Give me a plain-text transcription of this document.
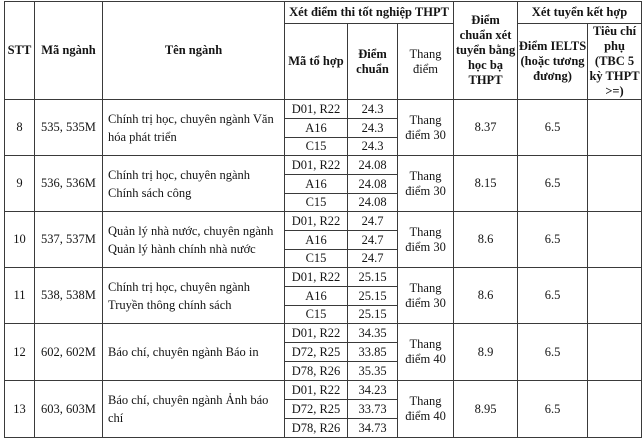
STT	Mã ngành	Tên ngành	Xét điểm thi tốt nghiệp THPT			Điểm chuẩn xét tuyển bằng học bạ THPT	Xét tuyển kết hợp	
			Mã tổ hợp	Điểm chuẩn	Thang điểm		Điểm IELTS (hoặc tương đương)	Tiêu chí phụ (TBC 5 kỳ THPT >=)
8	535, 535M	Chính trị học, chuyên ngành Văn hóa phát triển	D01, R22	24.3	Thang điểm 30	8.37	6.5	
			A16	24.3				
			C15	24.3				
9	536, 536M	Chính trị học, chuyên ngành Chính sách công	D01, R22	24.08	Thang điểm 30	8.15	6.5	
			A16	24.08				
			C15	24.08				
10	537, 537M	Quản lý nhà nước, chuyên ngành Quản lý hành chính nhà nước	D01, R22	24.7	Thang điểm 30	8.6	6.5	
			A16	24.7				
			C15	24.7				
11	538, 538M	Chính trị học, chuyên ngành Truyền thông chính sách	D01, R22	25.15	Thang điểm 30	8.6	6.5	
			A16	25.15				
			C15	25.15				
12	602, 602M	Báo chí, chuyên ngành Báo in	D01, R22	34.35	Thang điểm 40	8.9	6.5	
			D72, R25	33.85				
			D78, R26	35.35				
13	603, 603M	Báo chí, chuyên ngành Ảnh báo chí	D01, R22	34.23	Thang điểm 40	8.95	6.5	
			D72, R25	33.73				
			D78, R26	34.73				
